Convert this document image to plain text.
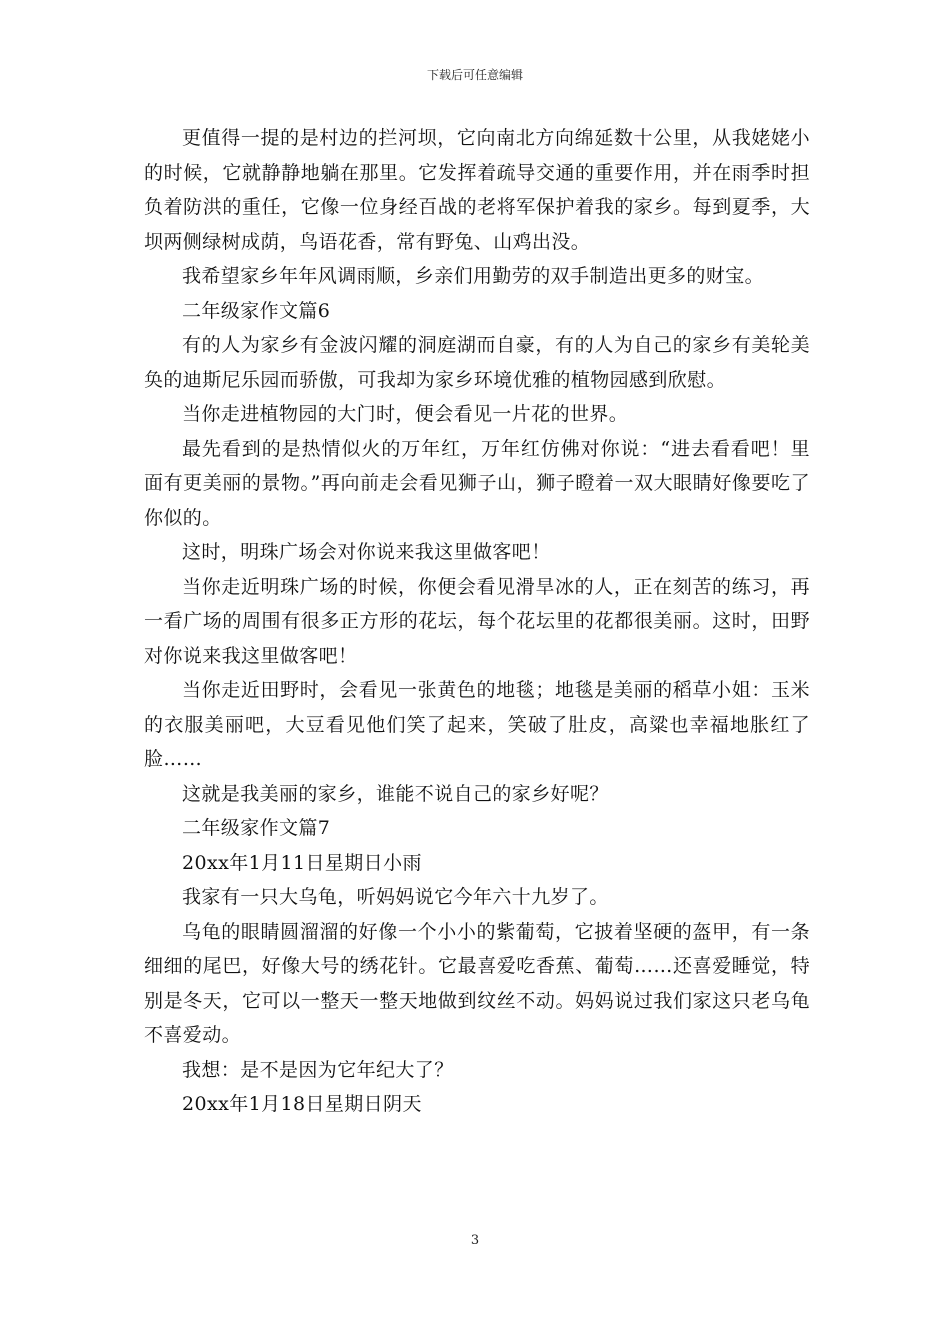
下载后可任意编辑

更值得一提的是村边的拦河坝，它向南北方向绵延数十公里，从我姥姥小的时候，它就静静地躺在那里。它发挥着疏导交通的重要作用，并在雨季时担负着防洪的重任，它像一位身经百战的老将军保护着我的家乡。每到夏季，大坝两侧绿树成荫，鸟语花香，常有野兔、山鸡出没。

我希望家乡年年风调雨顺，乡亲们用勤劳的双手制造出更多的财宝。

二年级家作文篇6

有的人为家乡有金波闪耀的洞庭湖而自豪，有的人为自己的家乡有美轮美奂的迪斯尼乐园而骄傲，可我却为家乡环境优雅的植物园感到欣慰。

当你走进植物园的大门时，便会看见一片花的世界。

最先看到的是热情似火的万年红，万年红仿佛对你说：“进去看看吧！里面有更美丽的景物。”再向前走会看见狮子山，狮子瞪着一双大眼睛好像要吃了你似的。

这时，明珠广场会对你说来我这里做客吧！

当你走近明珠广场的时候，你便会看见滑旱冰的人，正在刻苦的练习，再一看广场的周围有很多正方形的花坛，每个花坛里的花都很美丽。这时，田野对你说来我这里做客吧！

当你走近田野时，会看见一张黄色的地毯；地毯是美丽的稻草小姐：玉米的衣服美丽吧，大豆看见他们笑了起来，笑破了肚皮，高粱也幸福地胀红了脸……

这就是我美丽的家乡，谁能不说自己的家乡好呢？

二年级家作文篇7

20xx年1月11日星期日小雨

我家有一只大乌龟，听妈妈说它今年六十九岁了。

乌龟的眼睛圆溜溜的好像一个小小的紫葡萄，它披着坚硬的盔甲，有一条细细的尾巴，好像大号的绣花针。它最喜爱吃香蕉、葡萄……还喜爱睡觉，特别是冬天，它可以一整天一整天地做到纹丝不动。妈妈说过我们家这只老乌龟不喜爱动。

我想：是不是因为它年纪大了？

20xx年1月18日星期日阴天

3
